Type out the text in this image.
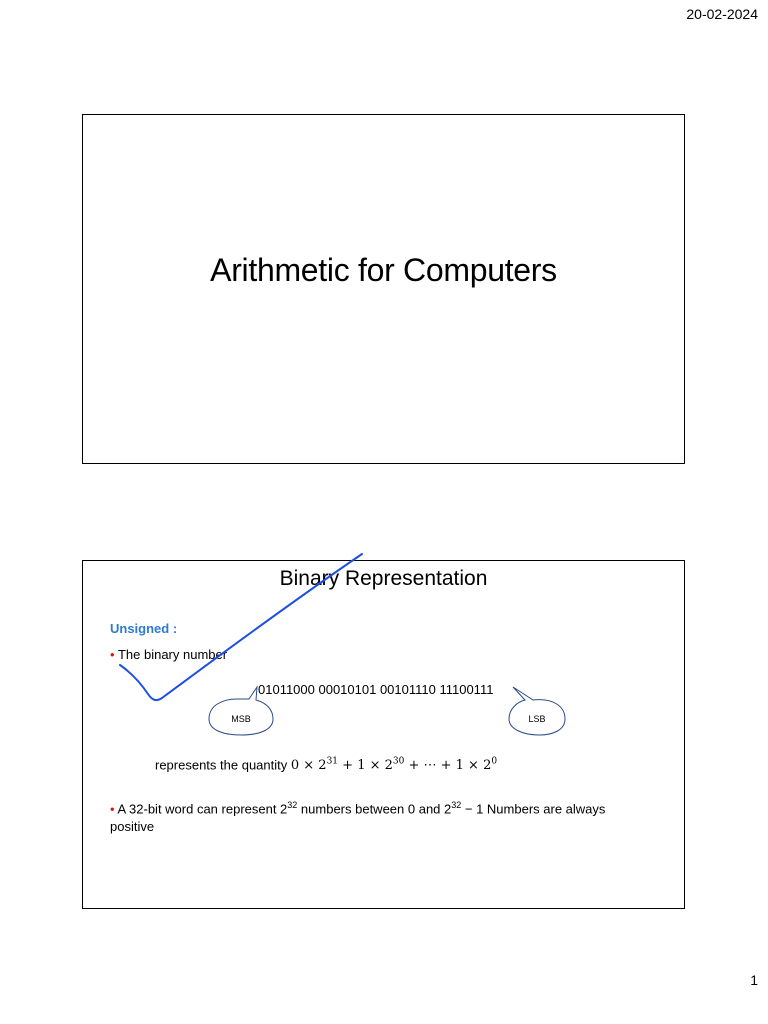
20-02-2024
Arithmetic for Computers
Binary Representation
Unsigned :
• The binary number
01011000 00010101 00101110 11100111
represents the quantity $0 \times 2^{31} + 1 \times 2^{30}$ + ⋯ + $1 \times 2^0$
• A 32-bit word can represent $2^{32}$ numbers between 0 and $2^{32} - 1$ Numbers are always positive
MSB	LSB
1
